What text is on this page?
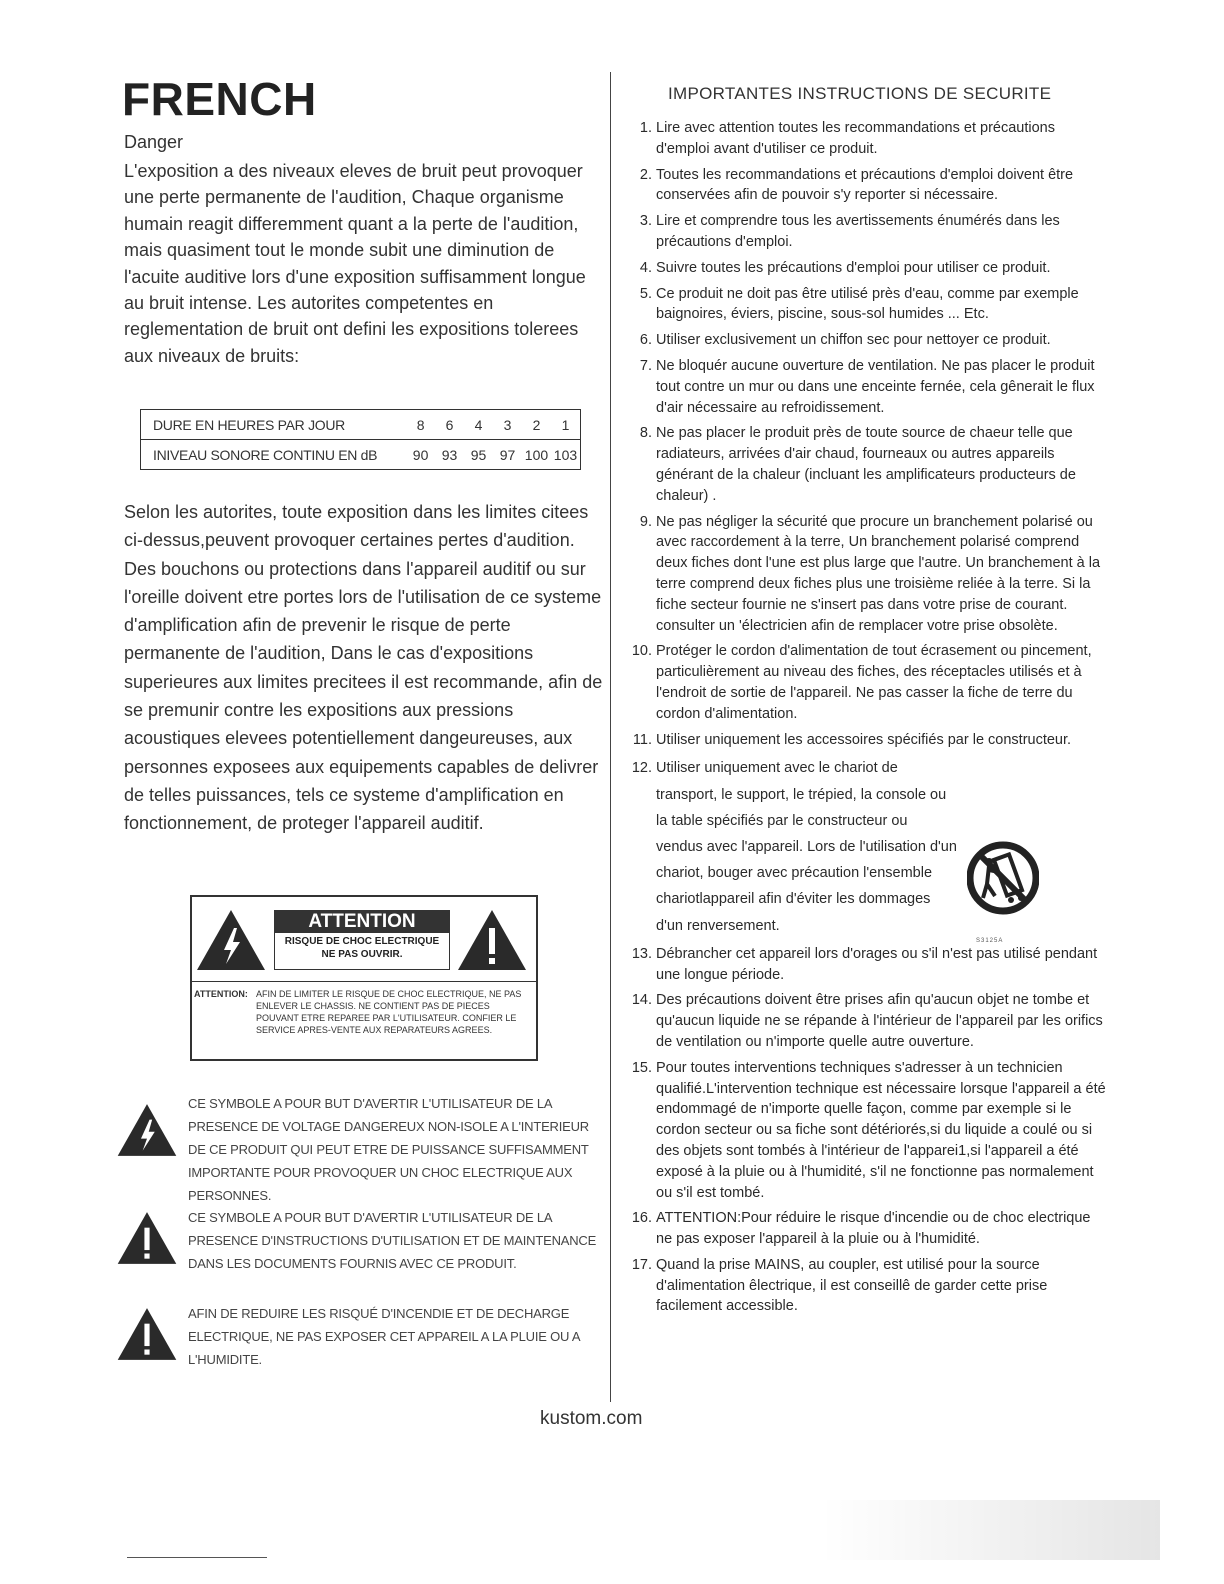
FRENCH
Danger

L'exposition a des niveaux eleves de bruit peut provoquer une perte permanente de l'audition, Chaque organisme humain reagit differemment quant a la perte de l'audition, mais quasiment tout le monde subit une diminution de l'acuite auditive lors d'une exposition suffisamment longue au bruit intense. Les autorites competentes en reglementation de bruit ont defini les expositions tolerees aux niveaux de bruits:

DURE EN HEURES PAR JOUR	8	6	4	3	2	1
INIVEAU SONORE CONTINU EN dB	90	93	95	97	100	103

Selon les autorites, toute exposition dans les limites citees ci-dessus,peuvent provoquer certaines pertes d'audition. Des bouchons ou protections dans l'appareil auditif ou sur l'oreille doivent etre portes lors de l'utilisation de ce systeme d'amplification afin de prevenir le risque de perte permanente de l'audition, Dans le cas d'expositions superieures aux limites precitees il est recommande, afin de se premunir contre les expositions aux pressions acoustiques elevees potentiellement dangeureuses, aux personnes exposees aux equipements capables de delivrer de telles puissances, tels ce systeme d'amplification en fonctionnement, de proteger l'appareil auditif.

ATTENTION
RISQUE DE CHOC ELECTRIQUE
NE PAS OUVRIR.
ATTENTION: AFIN DE LIMITER LE RISQUE DE CHOC ELECTRIQUE, NE PAS ENLEVER LE CHASSIS. NE CONTIENT PAS DE PIECES POUVANT ETRE REPAREE PAR L'UTILISATEUR. CONFIER LE SERVICE APRES-VENTE AUX REPARATEURS AGREES.
CE SYMBOLE A POUR BUT D'AVERTIR L'UTILISATEUR DE LA PRESENCE DE VOLTAGE DANGEREUX NON-ISOLE A L'INTERIEUR DE CE PRODUIT QUI PEUT ETRE DE PUISSANCE SUFFISAMMENT IMPORTANTE POUR PROVOQUER UN CHOC ELECTRIQUE AUX PERSONNES.
CE SYMBOLE A POUR BUT D'AVERTIR L'UTILISATEUR DE LA PRESENCE D'INSTRUCTIONS D'UTILISATION ET DE MAINTENANCE DANS LES DOCUMENTS FOURNIS AVEC CE PRODUIT.
AFIN DE REDUIRE LES RISQUÉ D'INCENDIE ET DE DECHARGE ELECTRIQUE, NE PAS EXPOSER CET APPAREIL A LA PLUIE OU A L'HUMIDITE.
IMPORTANTES INSTRUCTIONS DE SECURITE
1. Lire avec attention toutes les recommandations et précautions d'emploi avant d'utiliser ce produit.
2. Toutes les recommandations et précautions d'emploi doivent être conservées afin de pouvoir s'y reporter si nécessaire.
3. Lire et comprendre tous les avertissements énumérés dans les précautions d'emploi.
4. Suivre toutes les précautions d'emploi pour utiliser ce produit.
5. Ce produit ne doit pas être utilisé près d'eau, comme par exemple baignoires, éviers, piscine, sous-sol humides ... Etc.
6. Utiliser exclusivement un chiffon sec pour nettoyer ce produit.
7. Ne bloquér aucune ouverture de ventilation. Ne pas placer le produit tout contre un mur ou dans une enceinte fernée, cela gênerait le flux d'air nécessaire au refroidissement.
8. Ne pas placer le produit près de toute source de chaeur telle que radiateurs, arrivées d'air chaud, fourneaux ou autres appareils générant de la chaleur (incluant les amplificateurs producteurs de chaleur) .
9. Ne pas négliger la sécurité que procure un branchement polarisé ou avec raccordement à la terre, Un branchement polarisé comprend deux fiches dont l'une est plus large que l'autre. Un branchement à la terre comprend deux fiches plus une troisième reliée à la terre. Si la fiche secteur fournie ne s'insert pas dans votre prise de courant. consulter un 'électricien afin de remplacer votre prise obsolète.
10. Protéger le cordon d'alimentation de tout écrasement ou pincement, particulièrement au niveau des fiches, des réceptacles utilisés et à l'endroit de sortie de l'appareil. Ne pas casser la fiche de terre du cordon d'alimentation.
11. Utiliser uniquement les accessoires spécifiés par le constructeur.
12. Utiliser uniquement avec le chariot de transport, le support, le trépied, la console ou la table spécifiés par le constructeur ou vendus avec l'appareil. Lors de l'utilisation d'un chariot, bouger avec précaution l'ensemble chariotlappareil afin d'éviter les dommages d'un renversement.
13. Débrancher cet appareil lors d'orages ou s'il n'est pas utilisé pendant une longue période.
14. Des précautions doivent être prises afin qu'aucun objet ne tombe et qu'aucun liquide ne se répande à l'intérieur de l'appareil par les orifics de ventilation ou n'importe quelle autre ouverture.
15. Pour toutes interventions techniques s'adresser à un technicien qualifié.L'intervention technique est nécessaire lorsque l'appareil a été endommagé de n'importe quelle façon, comme par exemple si le cordon secteur ou sa fiche sont détériorés,si du liquide a coulé ou si des objets sont tombés à l'intérieur de l'apparei1,si l'appareil a été exposé à la pluie ou à l'humidité, s'il ne fonctionne pas normalement ou s'il est tombé.
16. ATTENTION:Pour réduire le risque d'incendie ou de choc electrique ne pas exposer l'appareil à la pluie ou à l'humidité.
17. Quand la prise MAINS, au coupler, est utilisé pour la source d'alimentation êlectrique, il est conseillê de garder cette prise facilement accessible.
S3125A
kustom.com
